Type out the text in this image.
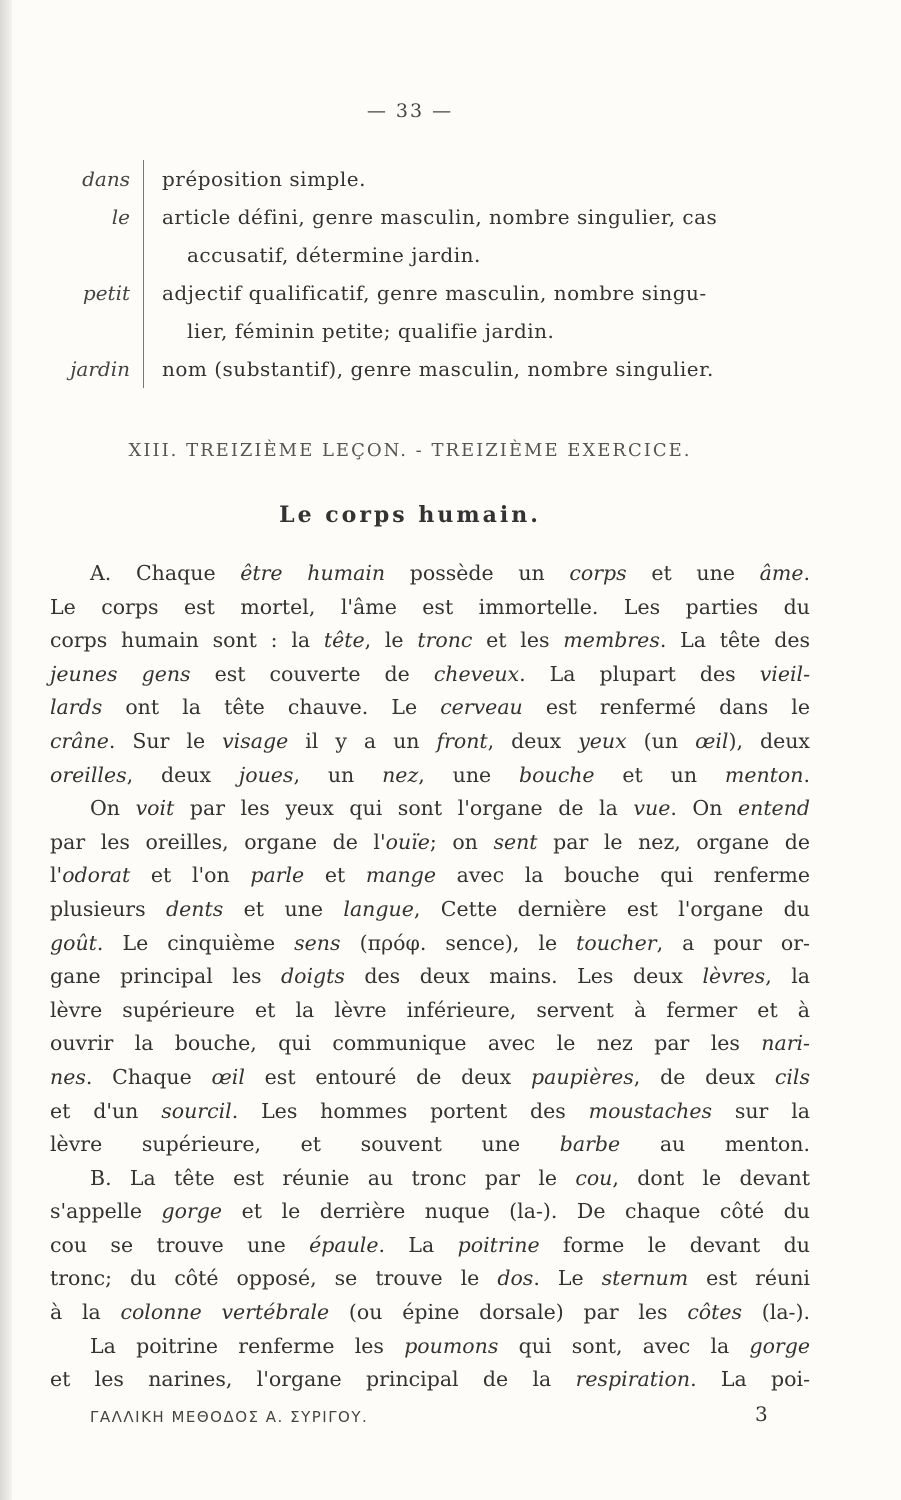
— 33 —
dans	préposition simple.
le	article défini, genre masculin, nombre singulier, cas
accusatif, détermine jardin.
petit	adjectif qualificatif, genre masculin, nombre singu-
lier, féminin petite; qualifie jardin.
jardin	nom (substantif), genre masculin, nombre singulier.
XIII. TREIZIÈME LEÇON. - TREIZIÈME EXERCICE.
Le corps humain.
A. Chaque être humain possède un corps et une âme.
Le corps est mortel, l'âme est immortelle. Les parties du
corps humain sont : la tête, le tronc et les membres. La tête des
jeunes gens est couverte de cheveux. La plupart des vieil-
lards ont la tête chauve. Le cerveau est renfermé dans le
crâne. Sur le visage il y a un front, deux yeux (un œil), deux
oreilles, deux joues, un nez, une bouche et un menton.
On voit par les yeux qui sont l'organe de la vue. On entend
par les oreilles, organe de l'ouïe; on sent par le nez, organe de
l'odorat et l'on parle et mange avec la bouche qui renferme
plusieurs dents et une langue, Cette dernière est l'organe du
goût. Le cinquième sens (πρόφ. sence), le toucher, a pour or-
gane principal les doigts des deux mains. Les deux lèvres, la
lèvre supérieure et la lèvre inférieure, servent à fermer et à
ouvrir la bouche, qui communique avec le nez par les nari-
nes. Chaque œil est entouré de deux paupières, de deux cils
et d'un sourcil. Les hommes portent des moustaches sur la
lèvre supérieure, et souvent une barbe au menton.
B. La tête est réunie au tronc par le cou, dont le devant
s'appelle gorge et le derrière nuque (la-). De chaque côté du
cou se trouve une épaule. La poitrine forme le devant du
tronc; du côté opposé, se trouve le dos. Le sternum est réuni
à la colonne vertébrale (ou épine dorsale) par les côtes (la-).
La poitrine renferme les poumons qui sont, avec la gorge
et les narines, l'organe principal de la respiration. La poi-
ΓΑΛΛΙΚΗ ΜΕΘΟΔΟΣ Α. ΣΥΡΙΓΟΥ.	3
